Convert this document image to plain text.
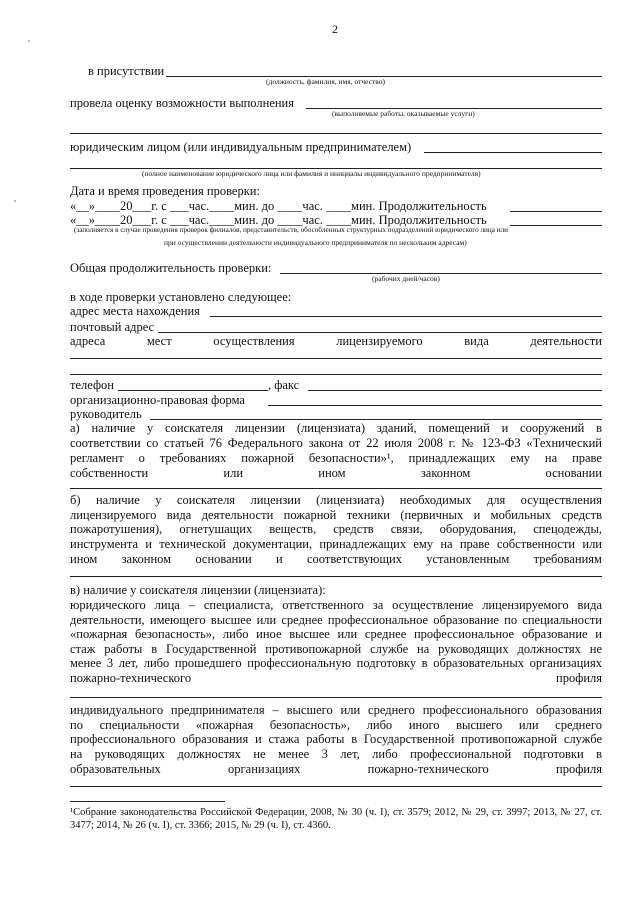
2
в присутствии
(должность, фамилия, имя, отчество)
провела оценку возможности выполнения
(выполняемые работы, оказываемые услуги)
юридическим лицом (или индивидуальным предпринимателем)
(полное наименование юридического лица или фамилия и инициалы индивидуального предпринимателя)
Дата и время проведения проверки:
«__»____20___г. с ___час.____мин. до ____час. ____мин. Продолжительность
«__»____20___г. с ___час.____мин. до ____час. ____мин. Продолжительность
(заполняется в случае проведения проверок филиалов, представительств, обособленных структурных подразделений юридического лица или
при осуществлении деятельности индивидуального предпринимателя по нескольким адресам)
Общая продолжительность проверки:
(рабочих дней/часов)
в ходе проверки установлено следующее:
адрес места нахождения
почтовый адрес
адреса	мест	осуществления	лицензируемого	вида	деятельности
телефон	, факс
организационно-правовая форма
руководитель
а) наличие у соискателя лицензии (лицензиата) зданий, помещений и сооружений в
соответствии со статьей 76 Федерального закона от 22 июля 2008 г. № 123-ФЗ «Технический
регламент о требованиях пожарной безопасности»¹, принадлежащих ему на праве
собственности	или	ином	законном	основании
б) наличие у соискателя лицензии (лицензиата) необходимых для осуществления
лицензируемого вида деятельности пожарной техники (первичных и мобильных средств
пожаротушения), огнетушащих веществ, средств связи, оборудования, спецодежды,
инструмента и технической документации, принадлежащих ему на праве собственности или
ином законном основании и соответствующих установленным требованиям
в) наличие у соискателя лицензии (лицензиата):
юридического лица – специалиста, ответственного за осуществление лицензируемого вида
деятельности, имеющего высшее или среднее профессиональное образование по специальности
«пожарная безопасность», либо иное высшее или среднее профессиональное образование и
стаж работы в Государственной противопожарной службе на руководящих должностях не
менее 3 лет, либо прошедшего профессиональную подготовку в образовательных организациях
пожарно-технического	профиля
индивидуального предпринимателя – высшего или среднего профессионального образования
по специальности «пожарная безопасность», либо иного высшего или среднего
профессионального образования и стажа работы в Государственной противопожарной службе
на руководящих должностях не менее 3 лет, либо профессиональной подготовки в
образовательных	организациях	пожарно-технического	профиля
¹Собрание законодательства Российской Федерации, 2008, № 30 (ч. I), ст. 3579; 2012, № 29, ст. 3997; 2013, № 27, ст. 3477; 2014, № 26 (ч. I), ст. 3366; 2015, № 29 (ч. I), ст. 4360.
